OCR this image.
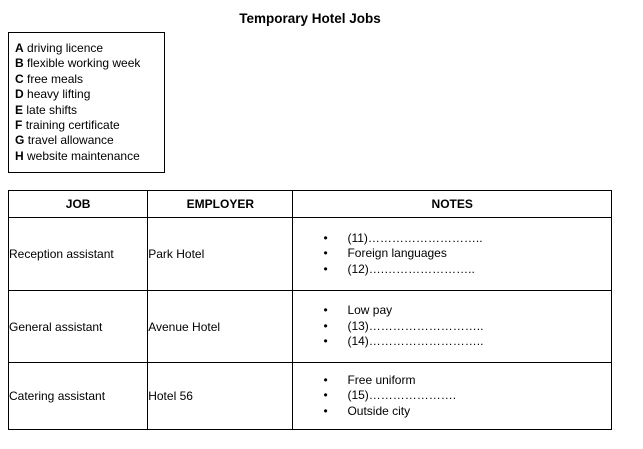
Temporary Hotel Jobs
A driving licence
B flexible working week
C free meals
D heavy lifting
E late shifts
F training certificate
G travel allowance
H website maintenance
JOB	EMPLOYER	NOTES
Reception assistant	Park Hotel	• (11)………………………..
• Foreign languages
• (12)….…………………..

General assistant	Avenue Hotel	• Low pay
• (13)………………………..
• (14)………………………..

Catering assistant	Hotel 56	• Free uniform
• (15)………………….
• Outside city
